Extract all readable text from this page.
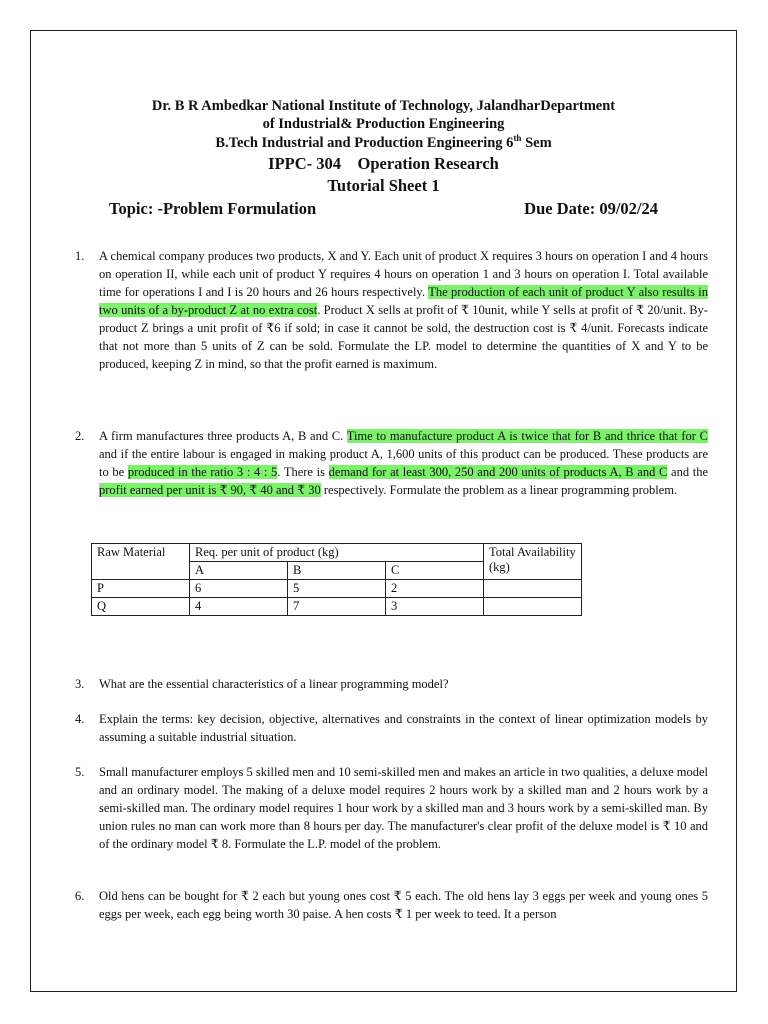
Dr. B R Ambedkar National Institute of Technology, JalandharDepartment
of Industrial& Production Engineering
B.Tech Industrial and Production Engineering 6th Sem
IPPC- 304    Operation Research
Tutorial Sheet 1
Topic: -Problem Formulation	Due Date: 09/02/24
1. A chemical company produces two products, X and Y. Each unit of product X requires 3 hours on operation I and 4 hours on operation II, while each unit of product Y requires 4 hours on operation 1 and 3 hours on operation I. Total available time for operations I and I is 20 hours and 26 hours respectively. The production of each unit of product Y also results in two units of a by-product Z at no extra cost. Product X sells at profit of ₹ 10unit, while Y sells at profit of ₹ 20/unit. By-product Z brings a unit profit of ₹6 if sold; in case it cannot be sold, the destruction cost is ₹ 4/unit. Forecasts indicate that not more than 5 units of Z can be sold. Formulate the LP. model to determine the quantities of X and Y to be produced, keeping Z in mind, so that the profit earned is maximum.
2. A firm manufactures three products A, B and C. Time to manufacture product A is twice that for B and thrice that for C and if the entire labour is engaged in making product A, 1,600 units of this product can be produced. These products are to be produced in the ratio 3 : 4 : 5. There is demand for at least 300, 250 and 200 units of products A, B and C and the profit earned per unit is ₹ 90, ₹ 40 and ₹ 30 respectively. Formulate the problem as a linear programming problem.
Raw Material	Req. per unit of product (kg)			Total Availability (kg)
	A	B	C	
P	6	5	2	
Q	4	7	3	
3. What are the essential characteristics of a linear programming model?
4. Explain the terms: key decision, objective, alternatives and constraints in the context of linear optimization models by assuming a suitable industrial situation.
5. Small manufacturer employs 5 skilled men and 10 semi-skilled men and makes an article in two qualities, a deluxe model and an ordinary model. The making of a deluxe model requires 2 hours work by a skilled man and 2 hours work by a semi-skilled man. The ordinary model requires 1 hour work by a skilled man and 3 hours work by a semi-skilled man. By union rules no man can work more than 8 hours per day. The manufacturer's clear profit of the deluxe model is ₹ 10 and of the ordinary model ₹ 8. Formulate the L.P. model of the problem.
6. Old hens can be bought for ₹ 2 each but young ones cost ₹ 5 each. The old hens lay 3 eggs per week and young ones 5 eggs per week, each egg being worth 30 paise. A hen costs ₹ 1 per week to teed. It a person
